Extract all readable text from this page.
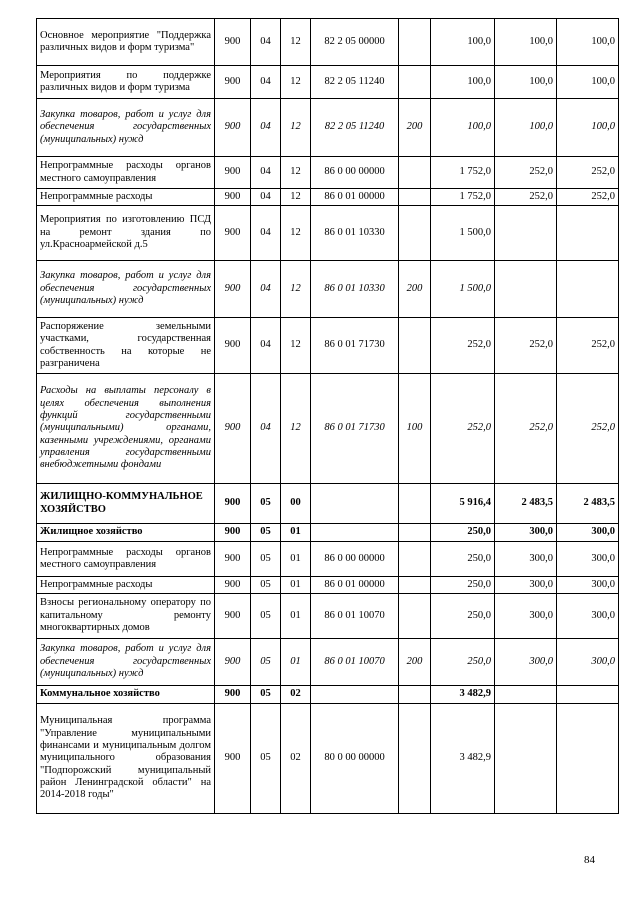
Основное мероприятие "Поддержка различных видов и форм туризма"	900	04	12	82 2 05 00000		100,0	100,0	100,0
Мероприятия по поддержке различных видов и форм туризма	900	04	12	82 2 05 11240		100,0	100,0	100,0
Закупка товаров, работ и услуг для обеспечения государственных (муниципальных) нужд	900	04	12	82 2 05 11240	200	100,0	100,0	100,0
Непрограммные расходы органов местного самоуправления	900	04	12	86 0 00 00000		1 752,0	252,0	252,0
Непрограммные расходы	900	04	12	86 0 01 00000		1 752,0	252,0	252,0
Мероприятия по изготовлению ПСД на ремонт здания по ул.Красноармейской д.5	900	04	12	86 0 01 10330		1 500,0		
Закупка товаров, работ и услуг для обеспечения государственных (муниципальных) нужд	900	04	12	86 0 01 10330	200	1 500,0		
Распоряжение земельными участками, государственная собственность на которые не разграничена	900	04	12	86 0 01 71730		252,0	252,0	252,0
Расходы на выплаты персоналу в целях обеспечения выполнения функций государственными (муниципальными) органами, казенными учреждениями, органами управления государственными внебюджетными фондами	900	04	12	86 0 01 71730	100	252,0	252,0	252,0
ЖИЛИЩНО-КОММУНАЛЬНОЕ ХОЗЯЙСТВО	900	05	00			5 916,4	2 483,5	2 483,5
Жилищное хозяйство	900	05	01			250,0	300,0	300,0
Непрограммные расходы органов местного самоуправления	900	05	01	86 0 00 00000		250,0	300,0	300,0
Непрограммные расходы	900	05	01	86 0 01 00000		250,0	300,0	300,0
Взносы региональному оператору по капитальному ремонту многоквартирных домов	900	05	01	86 0 01 10070		250,0	300,0	300,0
Закупка товаров, работ и услуг для обеспечения государственных (муниципальных) нужд	900	05	01	86 0 01 10070	200	250,0	300,0	300,0
Коммунальное хозяйство	900	05	02			3 482,9		
Муниципальная программа "Управление муниципальными финансами и муниципальным долгом муниципального образования "Подпорожский муниципальный район Ленинградской области" на 2014-2018 годы"	900	05	02	80 0 00 00000		3 482,9		
84
